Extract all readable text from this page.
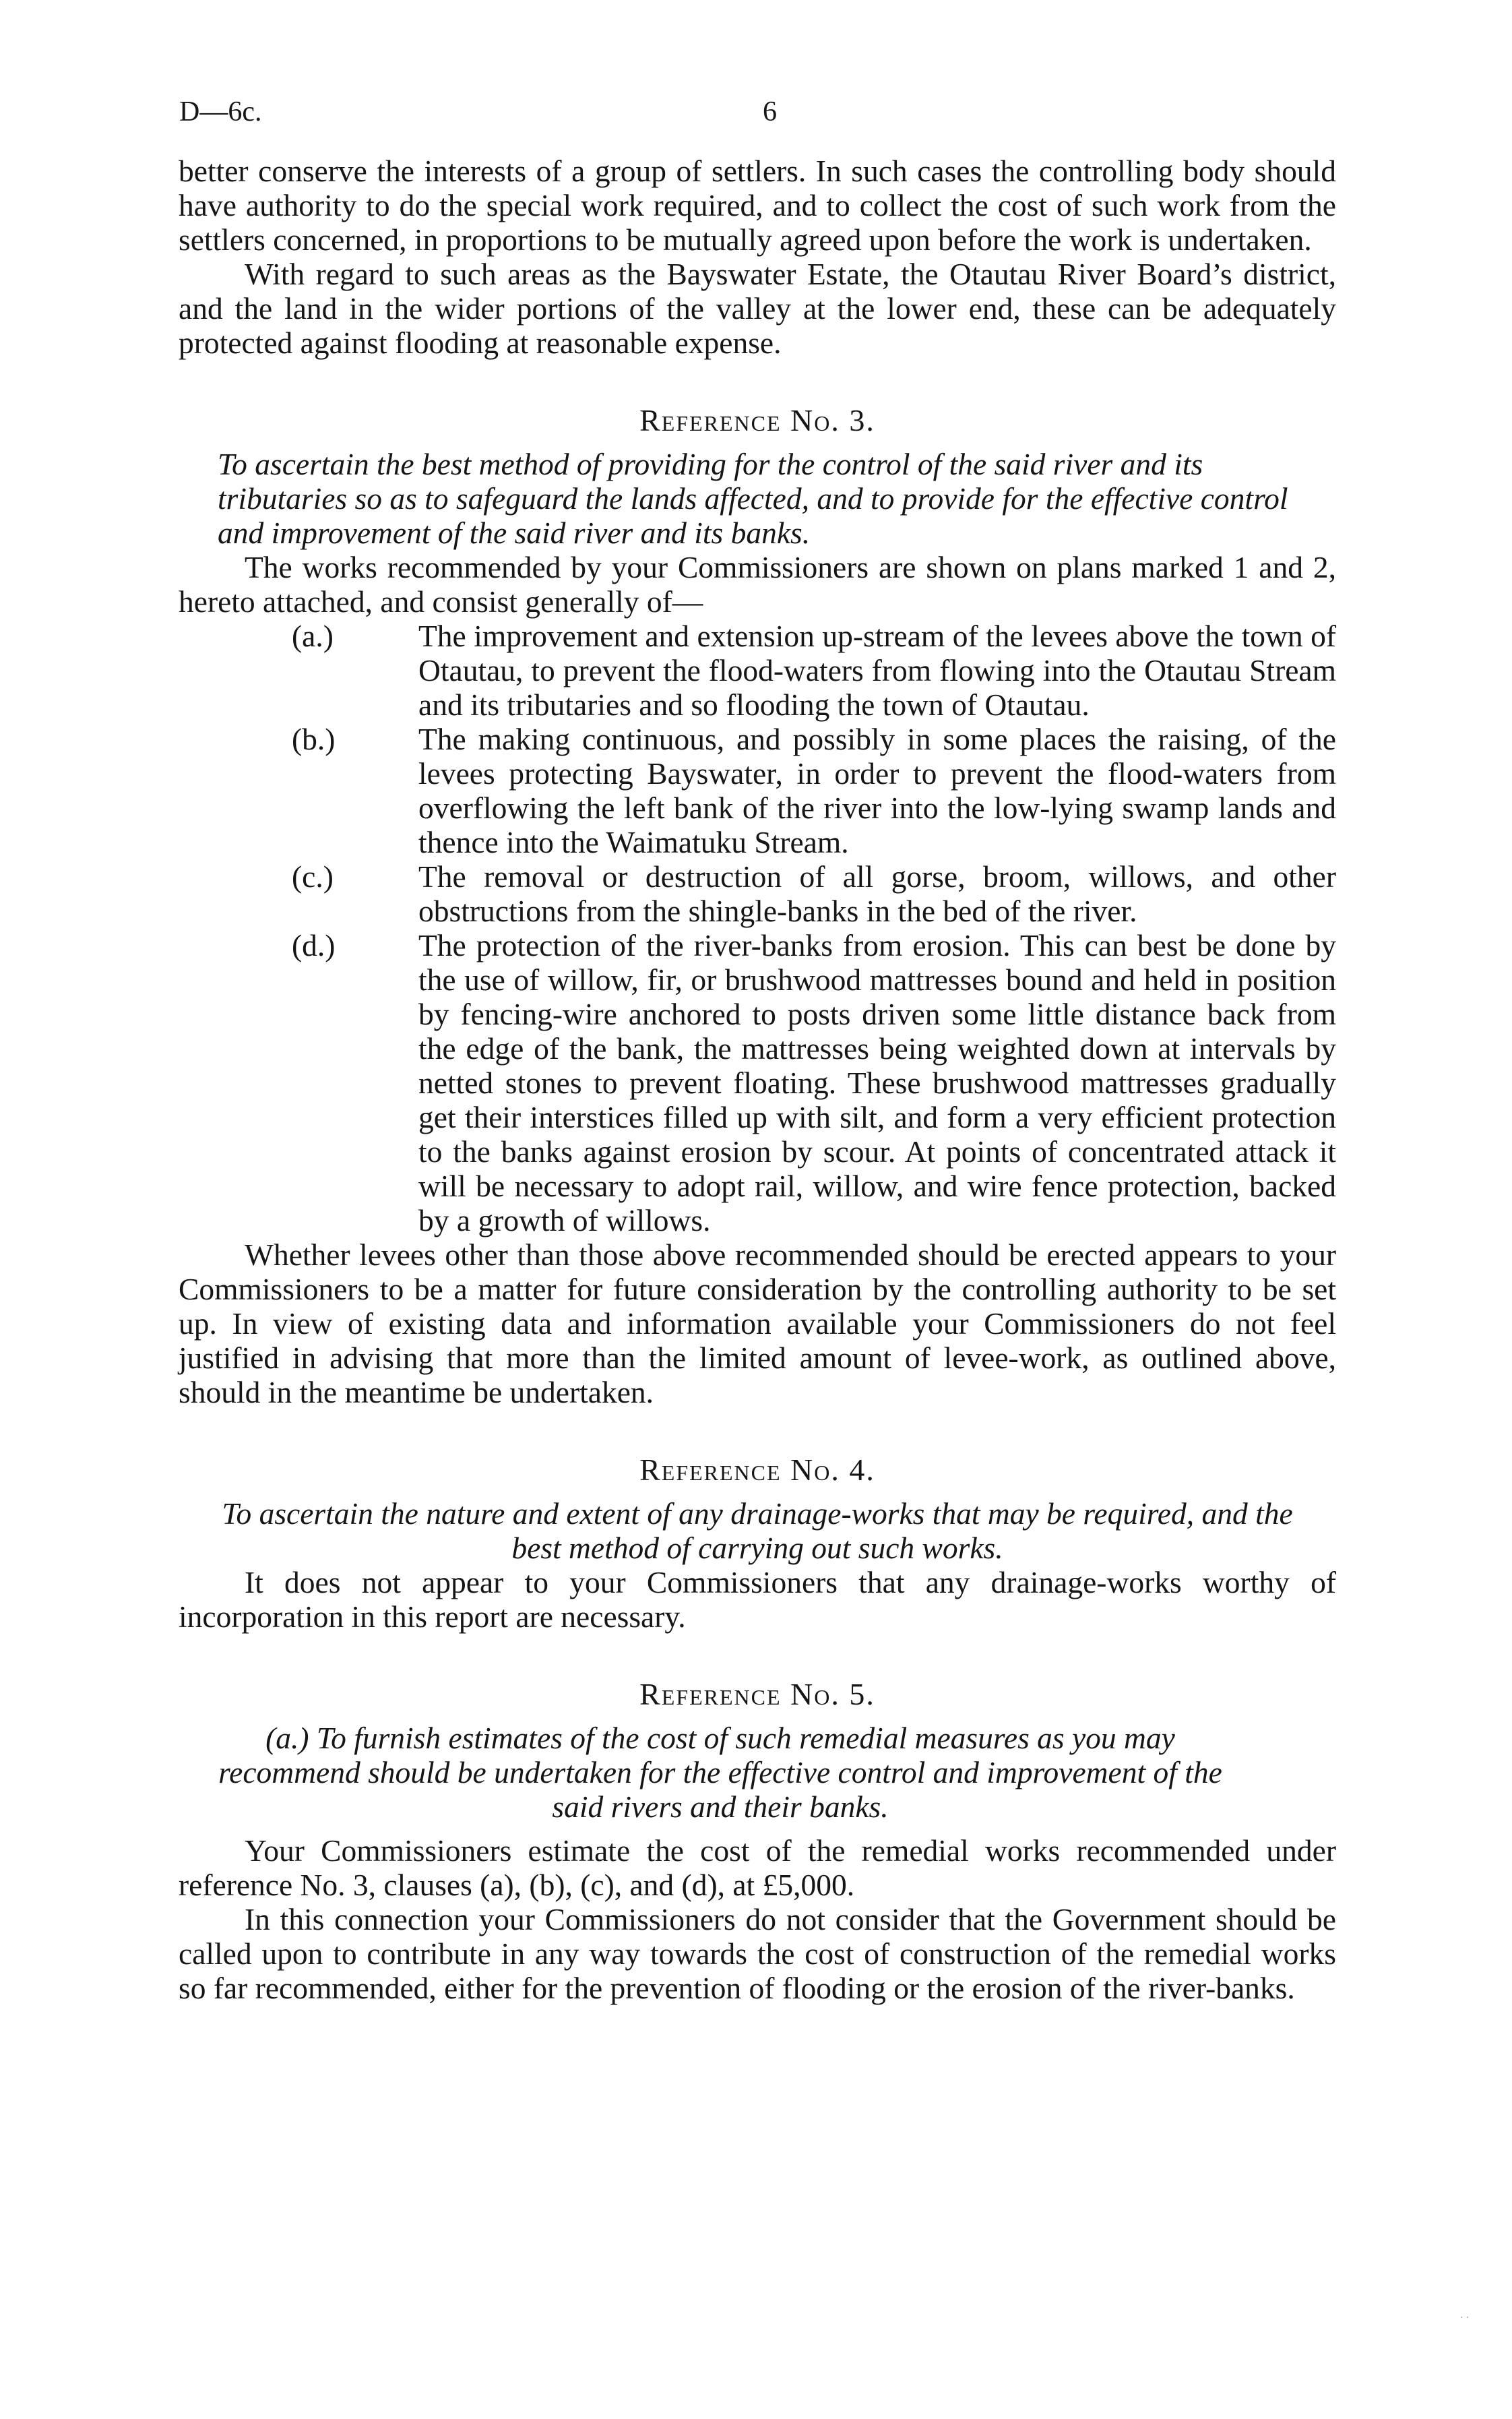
D—6c.	6

better conserve the interests of a group of settlers. In such cases the controlling body should have authority to do the special work required, and to collect the cost of such work from the settlers concerned, in proportions to be mutually agreed upon before the work is undertaken.

With regard to such areas as the Bayswater Estate, the Otautau River Board’s district, and the land in the wider portions of the valley at the lower end, these can be adequately protected against flooding at reasonable expense.

Reference No. 3.

To ascertain the best method of providing for the control of the said river and its tributaries so as to safeguard the lands affected, and to provide for the effective control and improvement of the said river and its banks.

The works recommended by your Commissioners are shown on plans marked 1 and 2, hereto attached, and consist generally of—

(a.)	The improvement and extension up-stream of the levees above the town of Otautau, to prevent the flood-waters from flowing into the Otautau Stream and its tributaries and so flooding the town of Otautau.
(b.)	The making continuous, and possibly in some places the raising, of the levees protecting Bayswater, in order to prevent the flood-waters from overflowing the left bank of the river into the low-lying swamp lands and thence into the Waimatuku Stream.
(c.)	The removal or destruction of all gorse, broom, willows, and other obstructions from the shingle-banks in the bed of the river.
(d.)	The protection of the river-banks from erosion. This can best be done by the use of willow, fir, or brushwood mattresses bound and held in position by fencing-wire anchored to posts driven some little distance back from the edge of the bank, the mattresses being weighted down at intervals by netted stones to prevent floating. These brushwood mattresses gradually get their interstices filled up with silt, and form a very efficient protection to the banks against erosion by scour. At points of concentrated attack it will be necessary to adopt rail, willow, and wire fence protection, backed by a growth of willows.

Whether levees other than those above recommended should be erected appears to your Commissioners to be a matter for future consideration by the controlling authority to be set up. In view of existing data and information available your Commissioners do not feel justified in advising that more than the limited amount of levee-work, as outlined above, should in the meantime be undertaken.

Reference No. 4.

To ascertain the nature and extent of any drainage-works that may be required, and the best method of carrying out such works.

It does not appear to your Commissioners that any drainage-works worthy of incorporation in this report are necessary.

Reference No. 5.

(a.) To furnish estimates of the cost of such remedial measures as you may recommend should be undertaken for the effective control and improvement of the said rivers and their banks.

Your Commissioners estimate the cost of the remedial works recommended under reference No. 3, clauses (a), (b), (c), and (d), at £5,000.

In this connection your Commissioners do not consider that the Government should be called upon to contribute in any way towards the cost of construction of the remedial works so far recommended, either for the prevention of flooding or the erosion of the river-banks.

··
